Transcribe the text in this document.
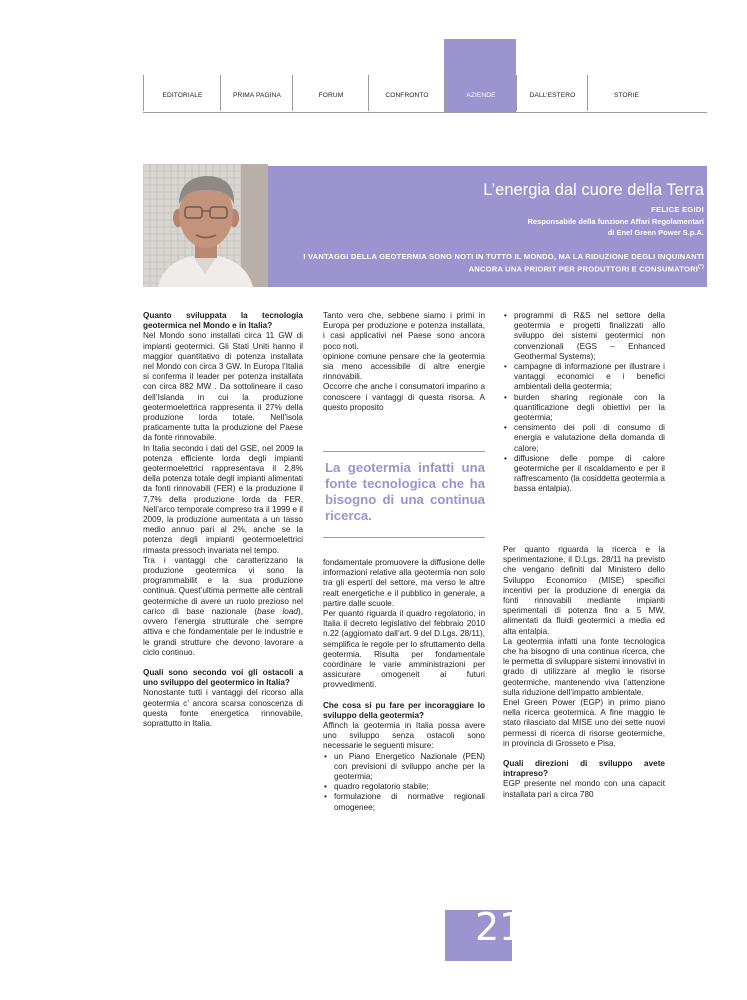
EDITORIALE	PRIMA PAGINA	FORUM	CONFRONTO	AZIENDE	DALL’ESTERO	STORIE
L’energia dal cuore della Terra
FELICE EGIDI
Responsabile della funzione Affari Regolamentari
di Enel Green Power S.p.A.
I VANTAGGI DELLA GEOTERMIA SONO NOTI IN TUTTO IL MONDO, MA LA RIDUZIONE DEGLI INQUINANTI ANCORA UNA PRIORIT PER PRODUTTORI E CONSUMATORI(*)

Quanto sviluppata la tecnologia geotermica nel Mondo e in Italia?

Nel Mondo sono installati circa 11 GW di impianti geotermici. Gli Stati Uniti hanno il maggior quantitativo di potenza installata nel Mondo con circa 3 GW. In Europa l’Italia si conferma il leader per potenza installata con circa 882 MW . Da sottolineare il caso dell’Islanda in cui la produzione geotermoelettrica rappresenta il 27% della produzione lorda totale. Nell’isola praticamente tutta la produzione del Paese da fonte rinnovabile.

In Italia secondo i dati del GSE, nel 2009 la potenza efficiente lorda degli impianti geotermoelettrici rappresentava il 2,8% della potenza totale degli impianti alimentati da fonti rinnovabili (FER) e la produzione il 7,7% della produzione lorda da FER. Nell’arco temporale compreso tra il 1999 e il 2009, la produzione aumentata a un tasso medio annuo pari al 2%, anche se la potenza degli impianti geotermoelettrici rimasta pressoch invariata nel tempo.

Tra i vantaggi che caratterizzano la produzione geotermica vi sono la programmabilit e la sua produzione continua. Quest’ultima permette alle centrali geotermiche di avere un ruolo prezioso nel carico di base nazionale (base load), ovvero l’energia strutturale che sempre attiva e che fondamentale per le industrie e le grandi strutture che devono lavorare a ciclo continuo.

Quali sono secondo voi gli ostacoli a uno sviluppo del geotermico in Italia?

Nonostante tutti i vantaggi del ricorso alla geotermia c’ ancora scarsa conoscenza di questa fonte energetica rinnovabile, soprattutto in Italia.

Tanto vero che, sebbene siamo i primi in Europa per produzione e potenza installata, i casi applicativi nel Paese sono ancora poco noti.

opinione comune pensare che la geotermia sia meno accessibile di altre energie rinnovabili.

Occorre che anche i consumatori imparino a conoscere i vantaggi di questa risorsa. A questo proposito

La geotermia infatti una fonte tecnologica che ha bisogno di una continua ricerca.

fondamentale promuovere la diffusione delle informazioni relative alla geotermia non solo tra gli esperti del settore, ma verso le altre realt energetiche e il pubblico in generale, a partire dalle scuole.

Per quanto riguarda il quadro regolatorio, in Italia il decreto legislativo del febbraio 2010 n.22 (aggiornato dall’art. 9 del D.Lgs. 28/11), semplifica le regole per lo sfruttamento della geotermia. Risulta per fondamentale coordinare le varie amministrazioni per assicurare omogeneit ai futuri provvedimenti.

Che cosa si pu fare per incoraggiare lo sviluppo della geotermia?

Affinch la geotermia in Italia possa avere uno sviluppo senza ostacoli sono necessarie le seguenti misure:

• un Piano Energetico Nazionale (PEN) con previsioni di sviluppo anche per la geotermia;
• quadro regolatorio stabile;
• formulazione di normative regionali omogenee;
• programmi di R&S nel settore della geotermia e progetti finalizzati allo sviluppo dei sistemi geotermici non convenzionali (EGS – Enhanced Geothermal Systems);
• campagne di informazione per illustrare i vantaggi economici e i benefici ambientali della geotermia;
• burden sharing regionale con la quantificazione degli obiettivi per la geotermia;
• censimento dei poli di consumo di energia e valutazione della domanda di calore;
• diffusione delle pompe di calore geotermiche per il riscaldamento e per il raffrescamento (la cosiddetta geotermia a bassa entalpia).

Per quanto riguarda la ricerca e la sperimentazione, il D.Lgs. 28/11 ha previsto che vengano definiti dal Ministero dello Sviluppo Economico (MISE) specifici incentivi per la produzione di energia da fonti rinnovabili mediante impianti sperimentali di potenza fino a 5 MW, alimentati da fluidi geotermici a media ed alta entalpia.

La geotermia infatti una fonte tecnologica che ha bisogno di una continua ricerca, che le permetta di sviluppare sistemi innovativi in grado di utilizzare al meglio le risorse geotermiche, mantenendo viva l’attenzione sulla riduzione dell’impatto ambientale.

Enel Green Power (EGP) in primo piano nella ricerca geotermica. A fine maggio le stato rilasciato dal MISE uno dei sette nuovi permessi di ricerca di risorse geotermiche, in provincia di Grosseto e Pisa.

Quali direzioni di sviluppo avete intrapreso?

EGP presente nel mondo con una capacit installata pari a circa 780

21
